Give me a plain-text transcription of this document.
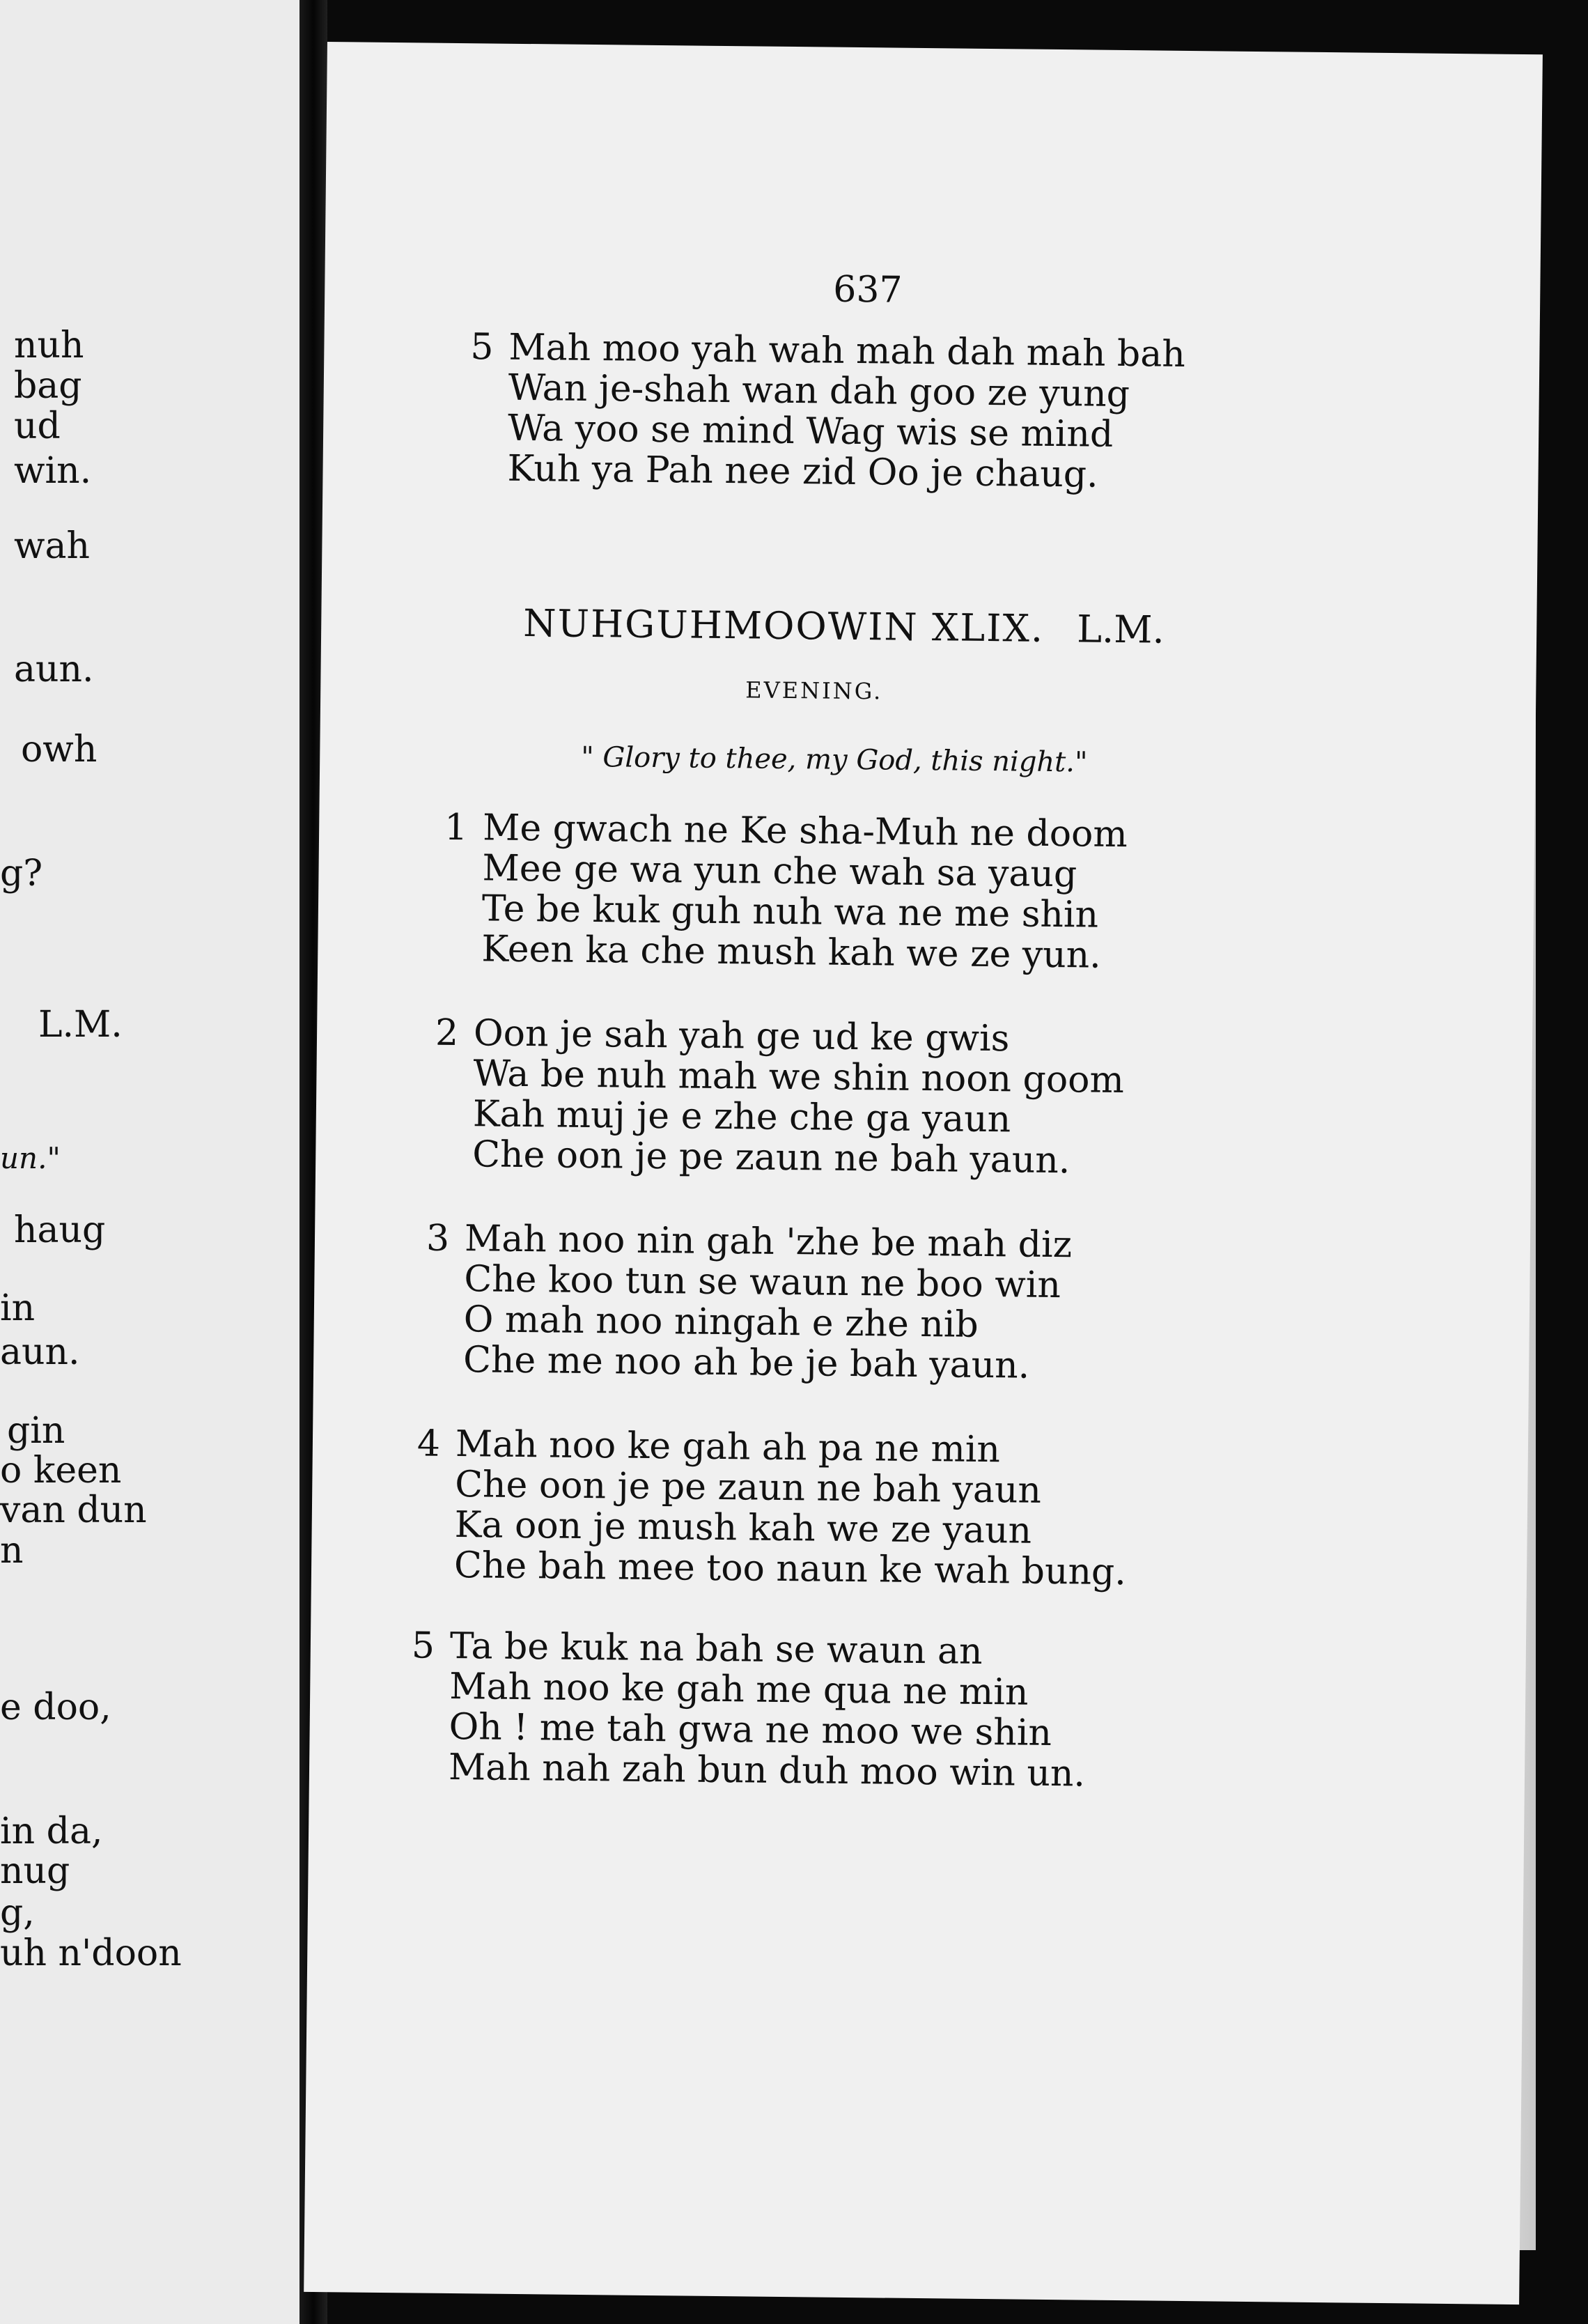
nuh
bag
ud
win.
wah
aun.
owh
g?
L.M.
un."
haug
in
aun.
gin
o keen
van dun
n
e doo,
in da,
nug
g,
uh n'doon
637
5 Mah moo yah wah mah dah mah bah
Wan je-shah wan dah goo ze yung
Wa yoo se mind Wag wis se mind
Kuh ya Pah nee zid Oo je chaug.
NUHGUHMOOWIN XLIX. L.M.
EVENING.
" Glory to thee, my God, this night."
1 Me gwach ne Ke sha-Muh ne doom
Mee ge wa yun che wah sa yaug
Te be kuk guh nuh wa ne me shin
Keen ka che mush kah we ze yun.
2 Oon je sah yah ge ud ke gwis
Wa be nuh mah we shin noon goom
Kah muj je e zhe che ga yaun
Che oon je pe zaun ne bah yaun.
3 Mah noo nin gah 'zhe be mah diz
Che koo tun se waun ne boo win
O mah noo ningah e zhe nib
Che me noo ah be je bah yaun.
4 Mah noo ke gah ah pa ne min
Che oon je pe zaun ne bah yaun
Ka oon je mush kah we ze yaun
Che bah mee too naun ke wah bung.
5 Ta be kuk na bah se waun an
Mah noo ke gah me qua ne min
Oh ! me tah gwa ne moo we shin
Mah nah zah bun duh moo win un.
